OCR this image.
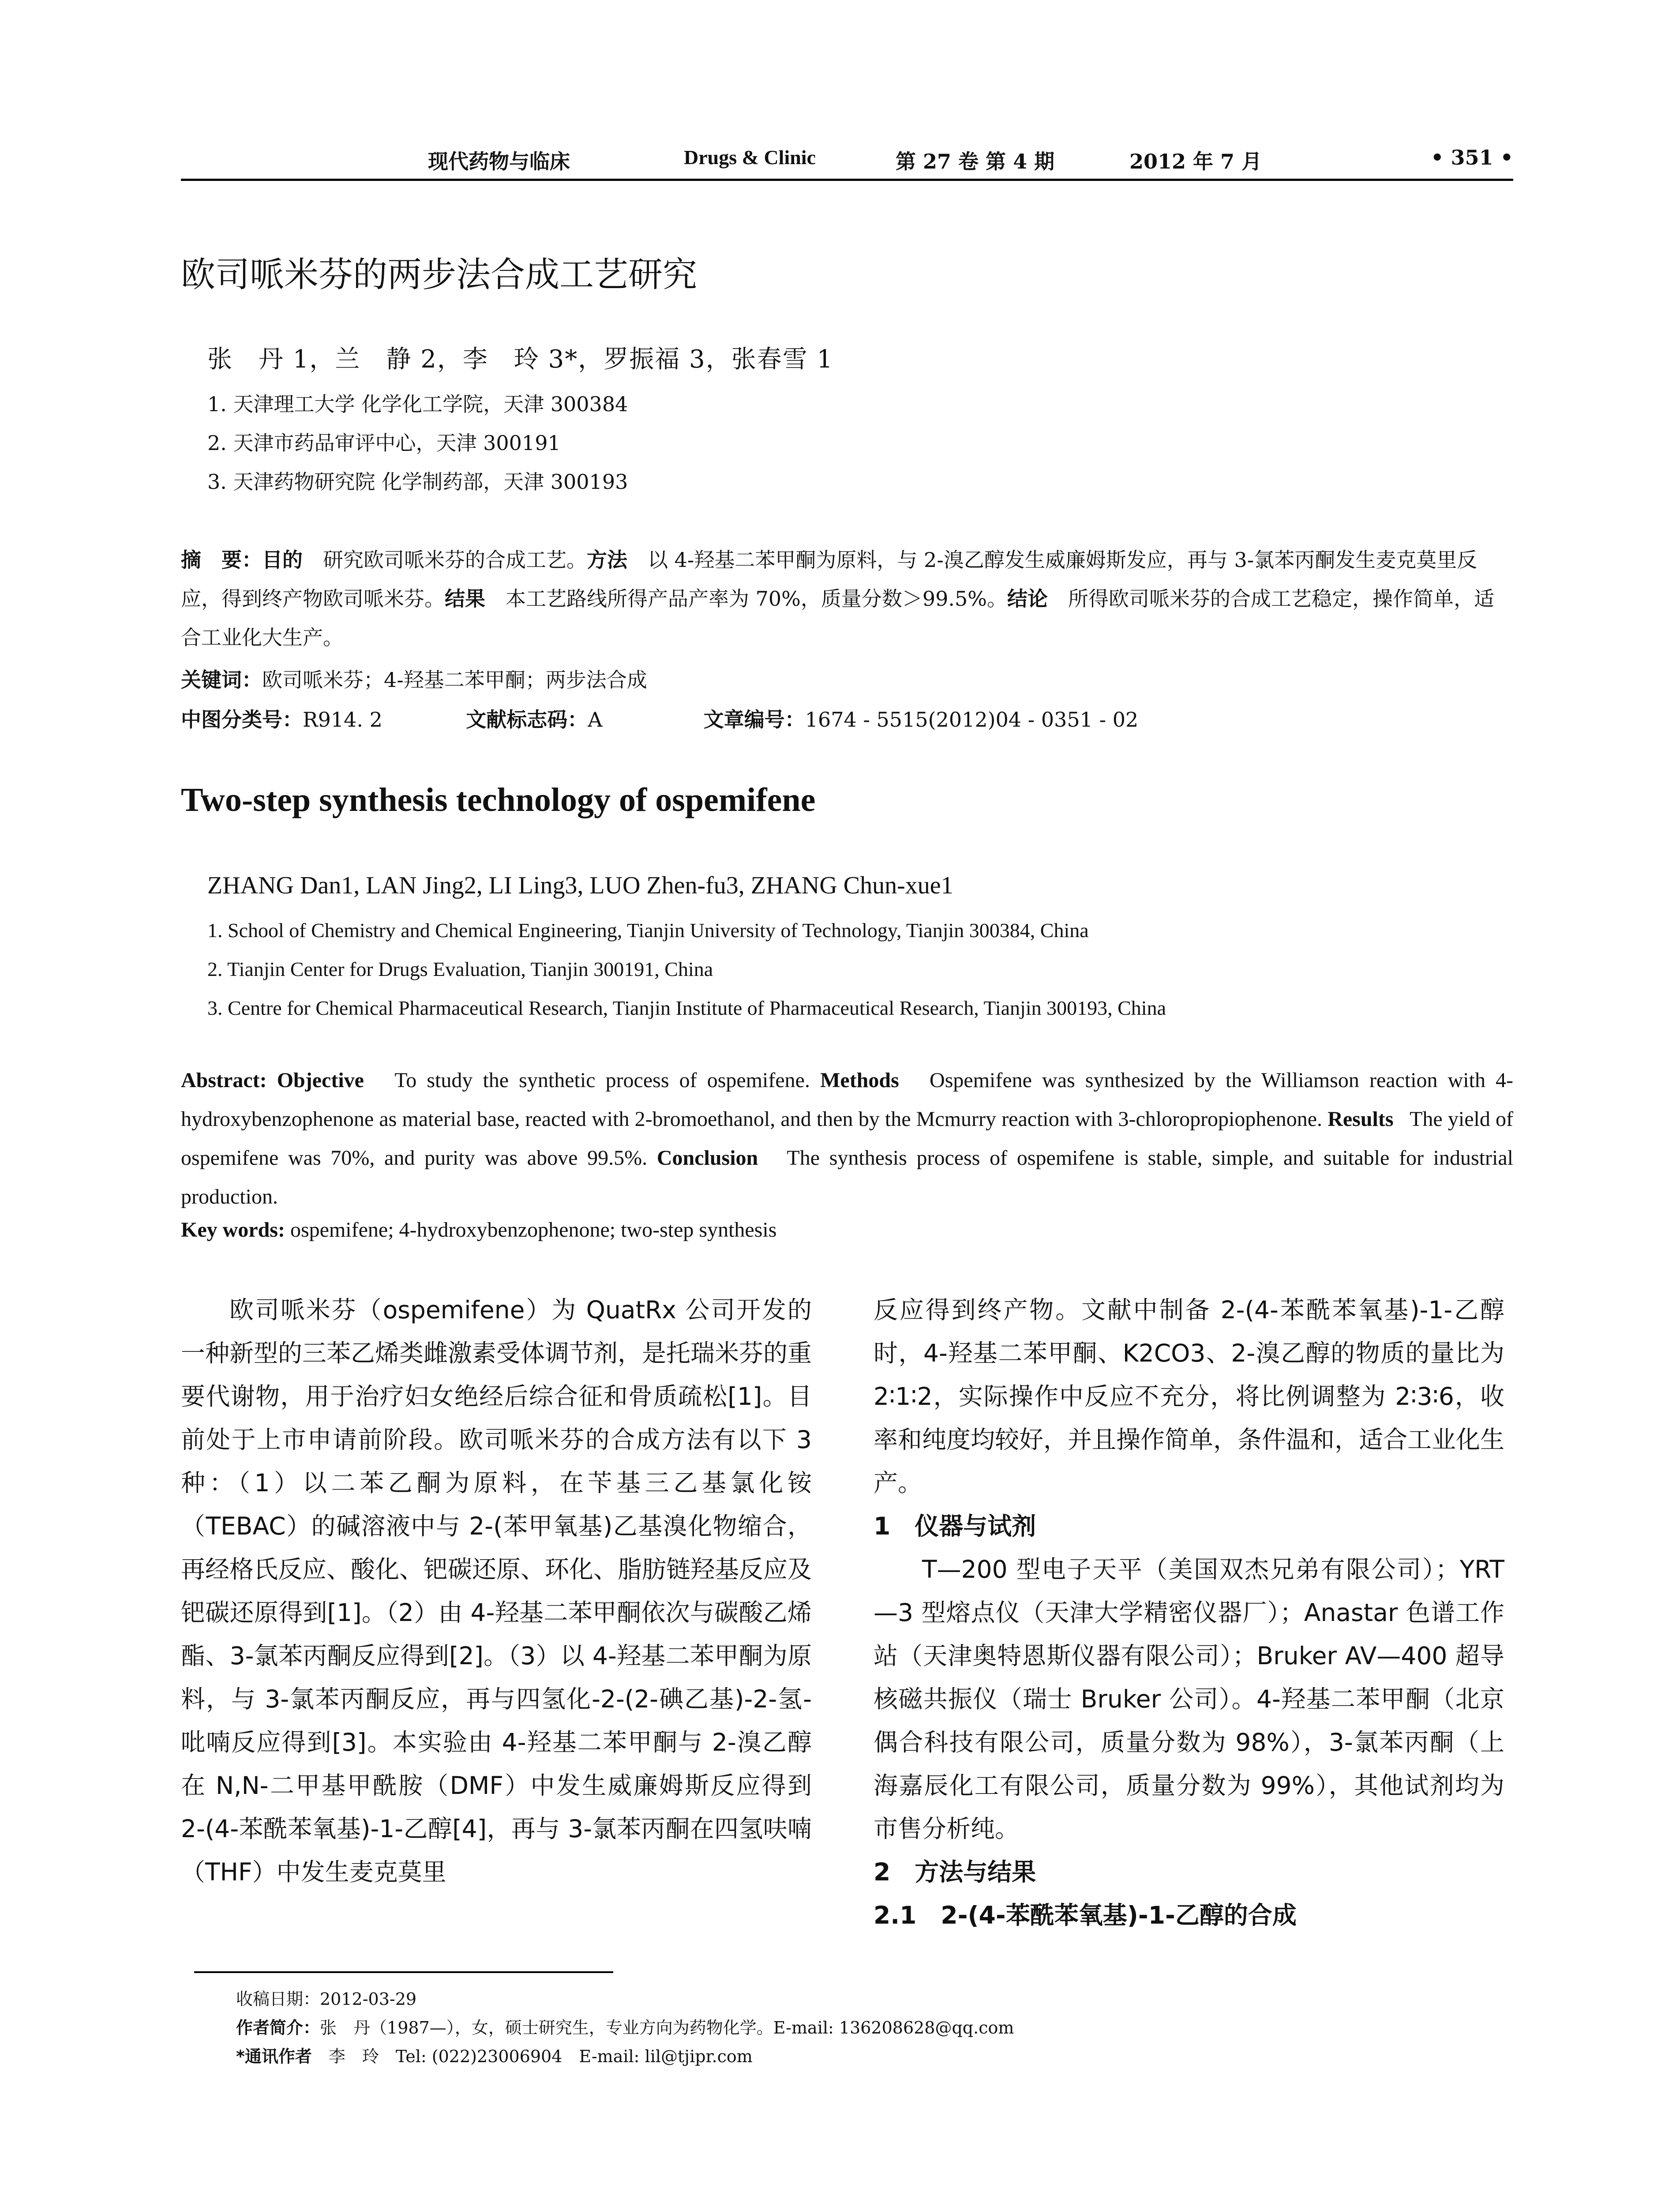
现代药物与临床	Drugs & Clinic	第 27 卷 第 4 期	2012 年 7 月	• 351 •
欧司哌米芬的两步法合成工艺研究
张　丹 1，兰　静 2，李　玲 3*，罗振福 3，张春雪 1
1. 天津理工大学 化学化工学院，天津 300384
2. 天津市药品审评中心，天津 300191
3. 天津药物研究院 化学制药部，天津 300193
摘　要：目的　研究欧司哌米芬的合成工艺。方法　以 4-羟基二苯甲酮为原料，与 2-溴乙醇发生威廉姆斯发应，再与 3-氯苯丙酮发生麦克莫里反应，得到终产物欧司哌米芬。结果　本工艺路线所得产品产率为 70%，质量分数＞99.5%。结论　所得欧司哌米芬的合成工艺稳定，操作简单，适合工业化大生产。
关键词：欧司哌米芬；4-羟基二苯甲酮；两步法合成
中图分类号：R914. 2	文献标志码：A	文章编号：1674 - 5515(2012)04 - 0351 - 02
Two-step synthesis technology of ospemifene
ZHANG Dan1, LAN Jing2, LI Ling3, LUO Zhen-fu3, ZHANG Chun-xue1
1. School of Chemistry and Chemical Engineering, Tianjin University of Technology, Tianjin 300384, China
2. Tianjin Center for Drugs Evaluation, Tianjin 300191, China
3. Centre for Chemical Pharmaceutical Research, Tianjin Institute of Pharmaceutical Research, Tianjin 300193, China
Abstract: Objective To study the synthetic process of ospemifene. Methods Ospemifene was synthesized by the Williamson reaction with 4-hydroxybenzophenone as material base, reacted with 2-bromoethanol, and then by the Mcmurry reaction with 3-chloropropiophenone. Results The yield of ospemifene was 70%, and purity was above 99.5%. Conclusion The synthesis process of ospemifene is stable, simple, and suitable for industrial production.
Key words: ospemifene; 4-hydroxybenzophenone; two-step synthesis

欧司哌米芬（ospemifene）为 QuatRx 公司开发的一种新型的三苯乙烯类雌激素受体调节剂，是托瑞米芬的重要代谢物，用于治疗妇女绝经后综合征和骨质疏松[1]。目前处于上市申请前阶段。欧司哌米芬的合成方法有以下 3 种：（1）以二苯乙酮为原料，在苄基三乙基氯化铵（TEBAC）的碱溶液中与 2-(苯甲氧基)乙基溴化物缩合，再经格氏反应、酸化、钯碳还原、环化、脂肪链羟基反应及钯碳还原得到[1]。（2）由 4-羟基二苯甲酮依次与碳酸乙烯酯、3-氯苯丙酮反应得到[2]。（3）以 4-羟基二苯甲酮为原料，与 3-氯苯丙酮反应，再与四氢化-2-(2-碘乙基)-2-氢-吡喃反应得到[3]。本实验由 4-羟基二苯甲酮与 2-溴乙醇在 N,N-二甲基甲酰胺（DMF）中发生威廉姆斯反应得到 2-(4-苯酰苯氧基)-1-乙醇[4]，再与 3-氯苯丙酮在四氢呋喃（THF）中发生麦克莫里

反应得到终产物。文献中制备 2-(4-苯酰苯氧基)-1-乙醇时，4-羟基二苯甲酮、K2CO3、2-溴乙醇的物质的量比为 2∶1∶2，实际操作中反应不充分，将比例调整为 2∶3∶6，收率和纯度均较好，并且操作简单，条件温和，适合工业化生产。

1　仪器与试剂

T—200 型电子天平（美国双杰兄弟有限公司）；YRT—3 型熔点仪（天津大学精密仪器厂）；Anastar 色谱工作站（天津奥特恩斯仪器有限公司）；Bruker AV—400 超导核磁共振仪（瑞士 Bruker 公司）。4-羟基二苯甲酮（北京偶合科技有限公司，质量分数为 98%），3-氯苯丙酮（上海嘉辰化工有限公司，质量分数为 99%），其他试剂均为市售分析纯。

2　方法与结果

2.1　2-(4-苯酰苯氧基)-1-乙醇的合成

收稿日期：2012-03-29
作者简介：张　丹（1987—），女，硕士研究生，专业方向为药物化学。E-mail: 136208628@qq.com
*通讯作者　李　玲　Tel: (022)23006904　E-mail: lil@tjipr.com
